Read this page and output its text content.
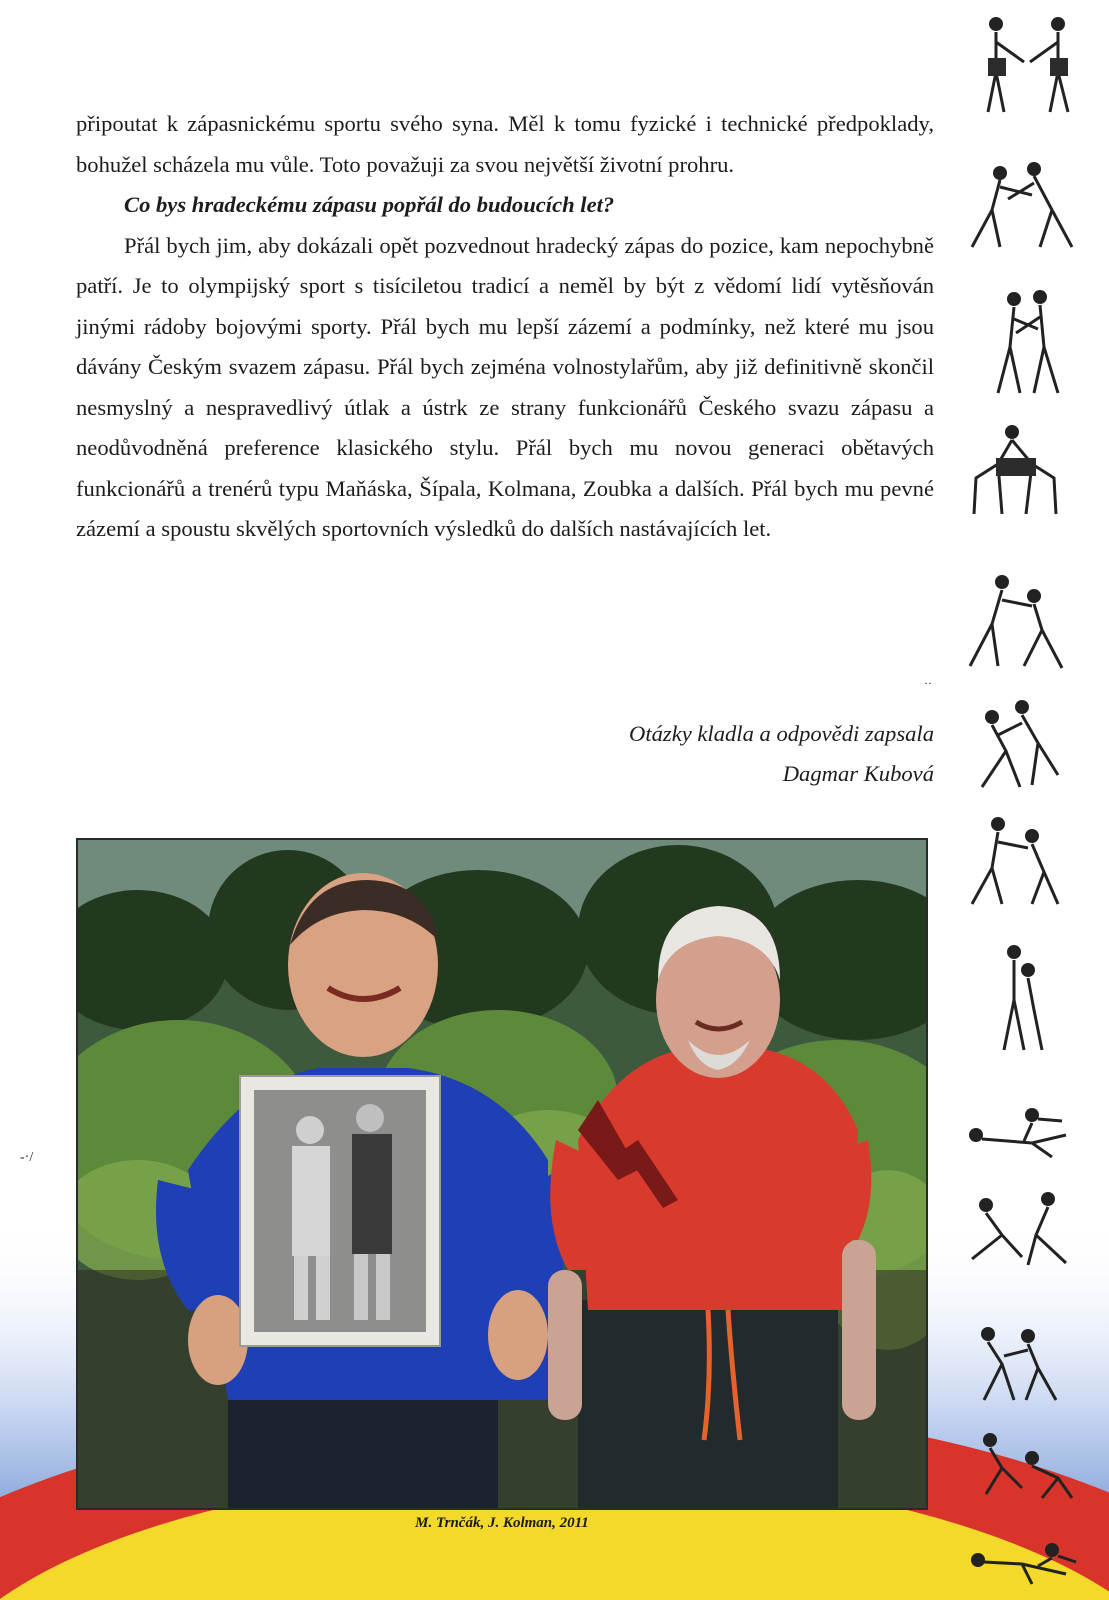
připoutat k zápasnickému sportu svého syna. Měl k tomu fyzické i technické předpoklady, bohužel scházela mu vůle. Toto považuji za svou největší životní prohru.

Co bys hradeckému zápasu popřál do budoucích let?

Přál bych jim, aby dokázali opět pozvednout hradecký zápas do pozice, kam nepochybně patří. Je to olympijský sport s tisíciletou tradicí a neměl by být z vědomí lidí vytěsňován jinými rádoby bojovými sporty. Přál bych mu lepší zázemí a podmínky, než které mu jsou dávány Českým svazem zápasu. Přál bych zejména volnostylařům, aby již definitivně skončil nesmyslný a nespravedlivý útlak a ústrk ze strany funkcionářů Českého svazu zápasu a neodůvodněná preference klasického stylu. Přál bych mu novou generaci obětavých funkcionářů a trenérů typu Maňáska, Šípala, Kolmana, Zoubka a dalších. Přál bych mu pevné zázemí a spoustu skvělých sportovních výsledků do dalších nastávajících let.

··
Otázky kladla a odpovědi zapsala
Dagmar Kubová
M. Trnčák, J. Kolman, 2011
-·/
